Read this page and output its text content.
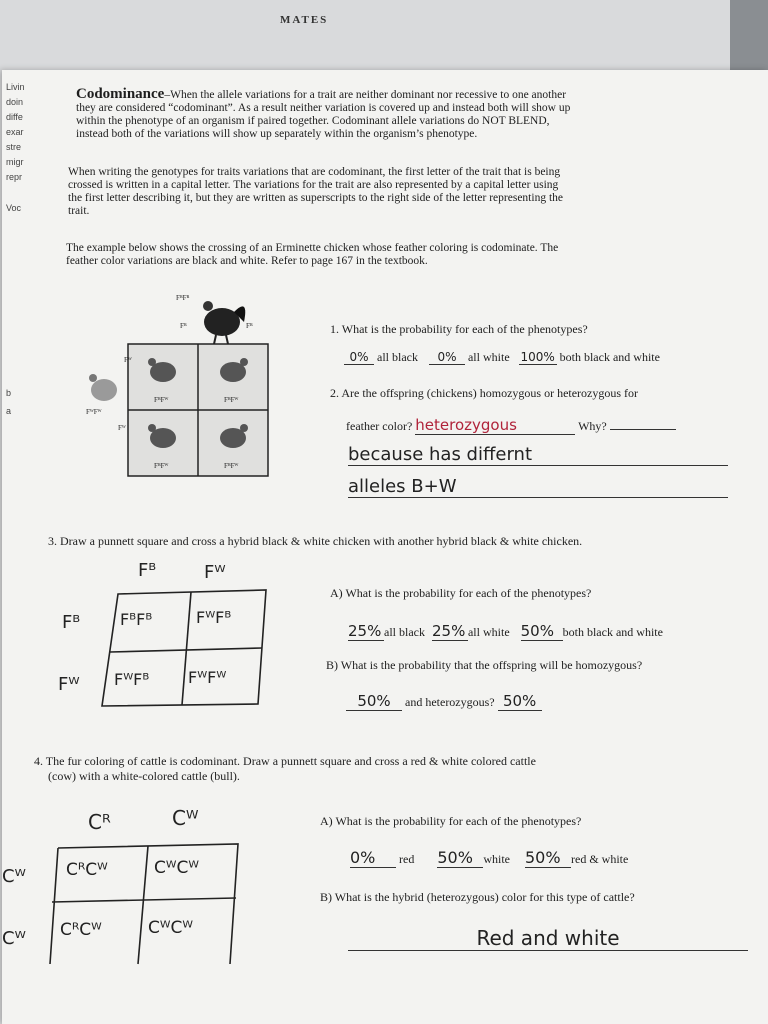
MATES
Livin
doin
diffe
exar
stre
migr
repr
Voc
b
a
Codominance–When the allele variations for a trait are neither dominant nor recessive to one another
they are considered “codominant”. As a result neither variation is covered up and instead both will show up
within the phenotype of an organism if paired together. Codominant allele variations do NOT BLEND,
instead both of the variations will show up separately within the organism’s phenotype.
When writing the genotypes for traits variations that are codominant, the first letter of the trait that is being
crossed is written in a capital letter. The variations for the trait are also represented by a capital letter using
the first letter describing it, but they are written as superscripts to the right side of the letter representing the
trait.
The example below shows the crossing of an Erminette chicken whose feather coloring is codominate. The
feather color variations are black and white. Refer to page 167 in the textbook.
FᴮFᴮ
Fᴮ	Fᴮ
Fᵂ
FᵂFᵂ
Fᵂ
FᴮFᵂ	FᴮFᵂ
FᴮFᵂ	FᴮFᵂ
1. What is the probability for each of the phenotypes?
0% all black 0% all white 100% both black and white
2. Are the offspring (chickens) homozygous or heterozygous for
feather color? heterozygous	Why?
because has differnt
alleles B+W
3. Draw a punnett square and cross a hybrid black & white chicken with another hybrid black & white chicken.
Fᴮ	Fᵂ
Fᴮ
Fᵂ
FᴮFᴮ	FᵂFᴮ
FᵂFᴮ FᵂFᵂ
A) What is the probability for each of the phenotypes?
25% all black 25% all white 50% both black and white
B) What is the probability that the offspring will be homozygous?
50% and heterozygous? 50%
4. The fur coloring of cattle is codominant. Draw a punnett square and cross a red & white colored cattle
(cow) with a white-colored cattle (bull).
Cᴿ	Cᵂ
Cᵂ
Cᵂ
CᴿCᵂ	CᵂCᵂ
CᴿCᵂ	CᵂCᵂ
A) What is the probability for each of the phenotypes?
0% red 50% white 50% red & white
B) What is the hybrid (heterozygous) color for this type of cattle?
Red and white
